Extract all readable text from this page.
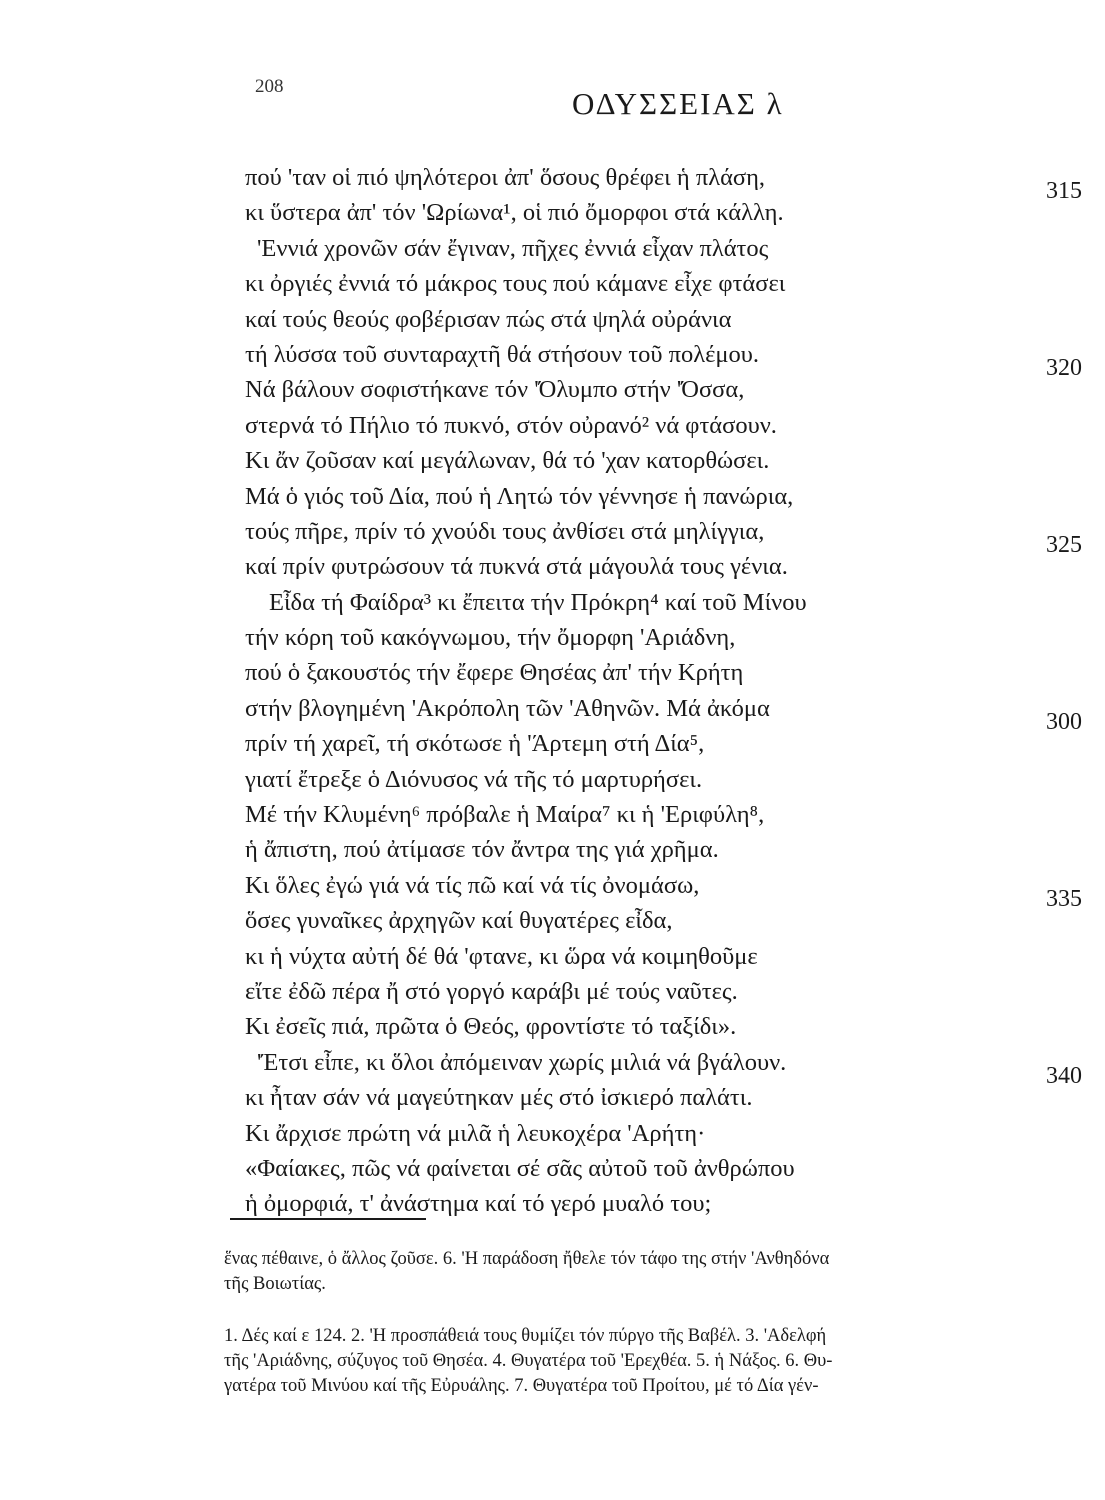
208	ΟΔΥΣΣΕΙΑΣ λ
πού 'ταν οἱ πιό ψηλότεροι ἀπ' ὅσους θρέφει ἡ πλάση,	315
κι ὕστερα ἀπ' τόν 'Ωρίωνα¹, οἱ πιό ὄμορφοι στά κάλλη.
'Εννιά χρονῶν σάν ἔγιναν, πῆχες ἐννιά εἶχαν πλάτος
κι ὀργιές ἐννιά τό μάκρος τους πού κάμανε εἶχε φτάσει
καί τούς θεούς φοβέρισαν πώς στά ψηλά οὐράνια
τή λύσσα τοῦ συνταραχτῆ θά στήσουν τοῦ πολέμου.	320
Νά βάλουν σοφιστήκανε τόν 'Όλυμπο στήν 'Όσσα,
στερνά τό Πήλιο τό πυκνό, στόν οὐρανό² νά φτάσουν.
Κι ἄν ζοῦσαν καί μεγάλωναν, θά τό 'χαν κατορθώσει.
Μά ὁ γιός τοῦ Δία, πού ἡ Λητώ τόν γέννησε ἡ πανώρια,
τούς πῆρε, πρίν τό χνούδι τους ἀνθίσει στά μηλίγγια,	325
καί πρίν φυτρώσουν τά πυκνά στά μάγουλά τους γένια.
Εἶδα τή Φαίδρα³ κι ἔπειτα τήν Πρόκρη⁴ καί τοῦ Μίνου
τήν κόρη τοῦ κακόγνωμου, τήν ὄμορφη 'Αριάδνη,
πού ὁ ξακουστός τήν ἔφερε Θησέας ἀπ' τήν Κρήτη
στήν βλογημένη 'Ακρόπολη τῶν 'Αθηνῶν. Μά ἀκόμα	300
πρίν τή χαρεῖ, τή σκότωσε ἡ 'Άρτεμη στή Δία⁵,
γιατί ἔτρεξε ὁ Διόνυσος νά τῆς τό μαρτυρήσει.
Μέ τήν Κλυμένη⁶ πρόβαλε ἡ Μαίρα⁷ κι ἡ 'Εριφύλη⁸,
ἡ ἄπιστη, πού ἀτίμασε τόν ἄντρα της γιά χρῆμα.
Κι ὅλες ἐγώ γιά νά τίς πῶ καί νά τίς ὀνομάσω,	335
ὅσες γυναῖκες ἀρχηγῶν καί θυγατέρες εἶδα,
κι ἡ νύχτα αὐτή δέ θά 'φτανε, κι ὥρα νά κοιμηθοῦμε
εἴτε ἐδῶ πέρα ἤ στό γοργό καράβι μέ τούς ναῦτες.
Κι ἐσεῖς πιά, πρῶτα ὁ Θεός, φροντίστε τό ταξίδι».
'Έτσι εἶπε, κι ὅλοι ἀπόμειναν χωρίς μιλιά νά βγάλουν.	340
κι ἦταν σάν νά μαγεύτηκαν μές στό ἰσκιερό παλάτι.
Κι ἄρχισε πρώτη νά μιλᾶ ἡ λευκοχέρα 'Αρήτη·
«Φαίακες, πῶς νά φαίνεται σέ σᾶς αὐτοῦ τοῦ ἀνθρώπου
ἡ ὀμορφιά, τ' ἀνάστημα καί τό γερό μυαλό του;
ἕνας πέθαινε, ὁ ἄλλος ζοῦσε. 6. 'Η παράδοση ἤθελε τόν τάφο της στήν 'Ανθηδόνα
τῆς Βοιωτίας.
1. Δές καί ε 124. 2. 'Η προσπάθειά τους θυμίζει τόν πύργο τῆς Βαβέλ. 3. 'Αδελφή
τῆς 'Αριάδνης, σύζυγος τοῦ Θησέα. 4. Θυγατέρα τοῦ 'Ερεχθέα. 5. ἡ Νάξος. 6. Θυ-
γατέρα τοῦ Μινύου καί τῆς Εὐρυάλης. 7. Θυγατέρα τοῦ Προίτου, μέ τό Δία γέν-
